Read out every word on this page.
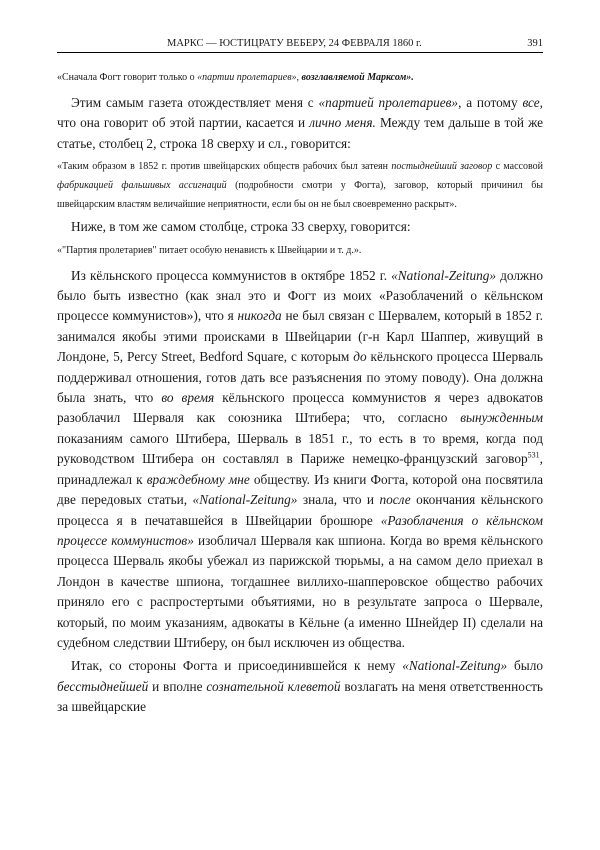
МАРКС — ЮСТИЦРАТУ ВЕБЕРУ, 24 ФЕВРАЛЯ 1860 г.	391

«Сначала Фогт говорит только о «партии пролетариев», возглавляемой Марксом».

Этим самым газета отождествляет меня с «партией пролетариев», а потому все, что она говорит об этой партии, касается и лично меня. Между тем дальше в той же статье, столбец 2, строка 18 сверху и сл., говорится:

«Таким образом в 1852 г. против швейцарских обществ рабочих был затеян постыднейший заговор с массовой фабрикацией фальшивых ассигнаций (подробности смотри у Фогта), заговор, который причинил бы швейцарским властям величайшие неприятности, если бы он не был своевременно раскрыт».

Ниже, в том же самом столбце, строка 33 сверху, говорится:

«"Партия пролетариев" питает особую ненависть к Швейцарии и т. д.».

Из кёльнского процесса коммунистов в октябре 1852 г. «National-Zeitung» должно было быть известно (как знал это и Фогт из моих «Разоблачений о кёльнском процессе коммунистов»), что я никогда не был связан с Шервалем, который в 1852 г. занимался якобы этими происками в Швейцарии (г-н Карл Шаппер, живущий в Лондоне, 5, Percy Street, Bedford Square, с которым до кёльнского процесса Шерваль поддерживал отношения, готов дать все разъяснения по этому поводу). Она должна была знать, что во время кёльнского процесса коммунистов я через адвокатов разоблачил Шерваля как союзника Штибера; что, согласно вынужденным показаниям самого Штибера, Шерваль в 1851 г., то есть в то время, когда под руководством Штибера он составлял в Париже немецко-французский заговор$^{531}$, принадлежал к враждебному мне обществу. Из книги Фогта, которой она посвятила две передовых статьи, «National-Zeitung» знала, что и после окончания кёльнского процесса я в печатавшейся в Швейцарии брошюре «Разоблачения о кёльнском процессе коммунистов» изобличал Шерваля как шпиона. Когда во время кёльнского процесса Шерваль якобы убежал из парижской тюрьмы, а на самом дело приехал в Лондон в качестве шпиона, тогдашнее виллихо-шапперовское общество рабочих приняло его с распростертыми объятиями, но в результате запроса о Шервале, который, по моим указаниям, адвокаты в Кёльне (а именно Шнейдер II) сделали на судебном следствии Штиберу, он был исключен из общества.

Итак, со стороны Фогта и присоединившейся к нему «National-Zeitung» было бесстыднейшей и вполне сознательной клеветой возлагать на меня ответственность за швейцарские
